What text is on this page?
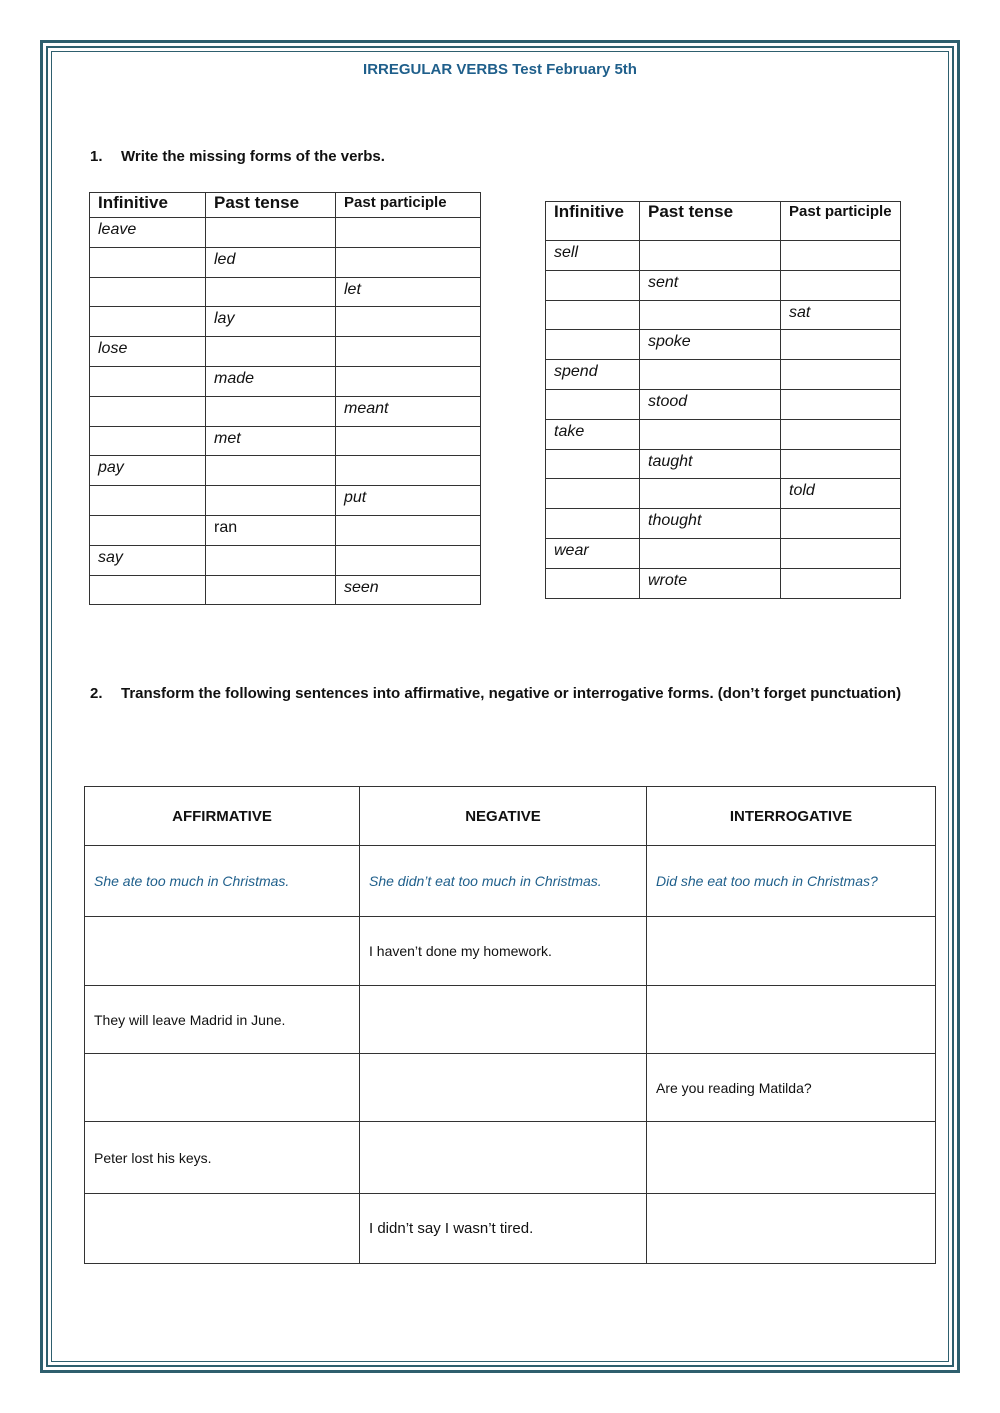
IRREGULAR VERBS Test February 5th
1. Write the missing forms of the verbs.
Infinitive	Past tense	Past participle
leave		
	led	
		let
	lay	
lose		
	made	
		meant
	met	
pay		
		put
	ran	
say		
		seen
Infinitive	Past tense	Past participle
sell		
	sent	
		sat
	spoke	
spend		
	stood	
take		
	taught	
		told
	thought	
wear		
	wrote	
2. Transform the following sentences into affirmative, negative or interrogative forms. (don’t forget punctuation)
AFFIRMATIVE	NEGATIVE	INTERROGATIVE
She ate too much in Christmas.	She didn’t eat too much in Christmas.	Did she eat too much in Christmas?
	I haven’t done my homework.	
They will leave Madrid in June.		
		Are you reading Matilda?
Peter lost his keys.		
	I didn’t say I wasn’t tired.	
